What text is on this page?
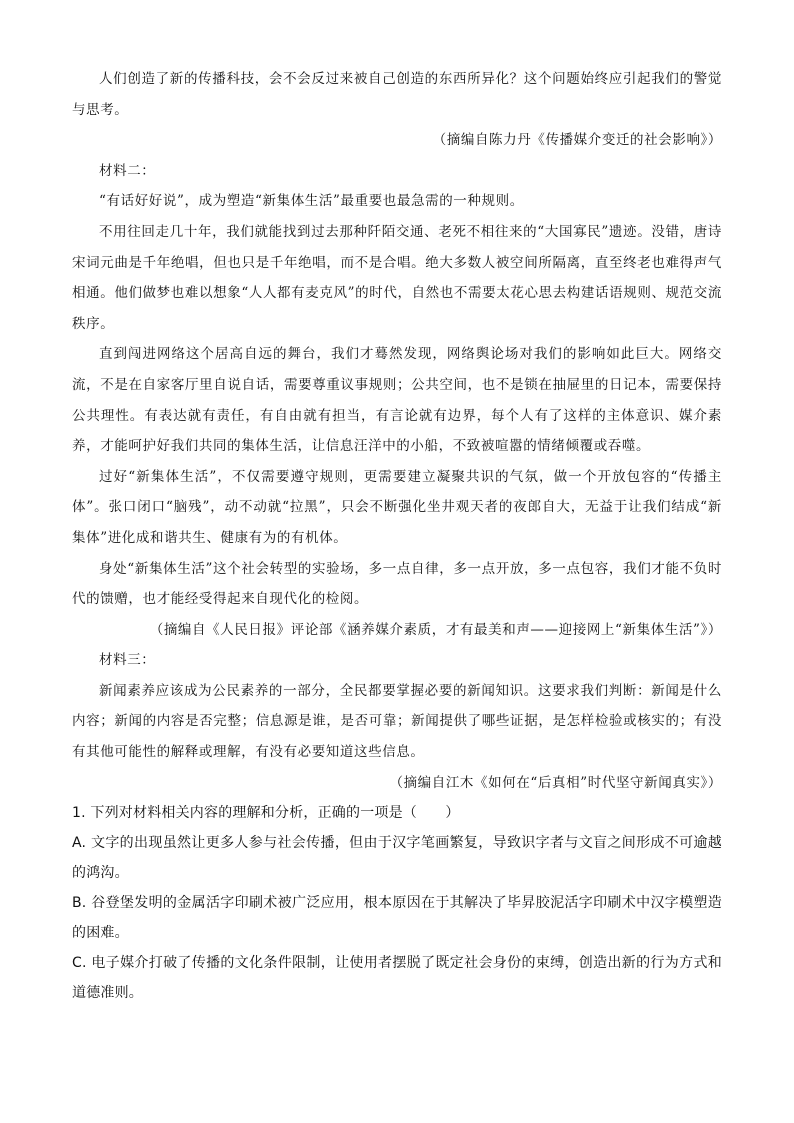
人们创造了新的传播科技，会不会反过来被自己创造的东西所异化？这个问题始终应引起我们的警觉与思考。

（摘编自陈力丹《传播媒介变迁的社会影响》）

材料二：

“有话好好说”，成为塑造“新集体生活”最重要也最急需的一种规则。

不用往回走几十年，我们就能找到过去那种阡陌交通、老死不相往来的“大国寡民”遗迹。没错，唐诗宋词元曲是千年绝唱，但也只是千年绝唱，而不是合唱。绝大多数人被空间所隔离，直至终老也难得声气相通。他们做梦也难以想象“人人都有麦克风”的时代，自然也不需要太花心思去构建话语规则、规范交流秩序。

直到闯进网络这个居高自远的舞台，我们才蓦然发现，网络舆论场对我们的影响如此巨大。网络交流，不是在自家客厅里自说自话，需要尊重议事规则；公共空间，也不是锁在抽屉里的日记本，需要保持公共理性。有表达就有责任，有自由就有担当，有言论就有边界，每个人有了这样的主体意识、媒介素养，才能呵护好我们共同的集体生活，让信息汪洋中的小船，不致被喧嚣的情绪倾覆或吞噬。

过好“新集体生活”，不仅需要遵守规则，更需要建立凝聚共识的气氛，做一个开放包容的“传播主体”。张口闭口“脑残”，动不动就“拉黑”，只会不断强化坐井观天者的夜郎自大，无益于让我们结成“新集体”进化成和谐共生、健康有为的有机体。

身处“新集体生活”这个社会转型的实验场，多一点自律，多一点开放，多一点包容，我们才能不负时代的馈赠，也才能经受得起来自现代化的检阅。

（摘编自《人民日报》评论部《涵养媒介素质，才有最美和声——迎接网上“新集体生活”》）

材料三：

新闻素养应该成为公民素养的一部分，全民都要掌握必要的新闻知识。这要求我们判断：新闻是什么内容；新闻的内容是否完整；信息源是谁，是否可靠；新闻提供了哪些证据，是怎样检验或核实的；有没有其他可能性的解释或理解，有没有必要知道这些信息。

（摘编自江木《如何在“后真相”时代坚守新闻真实》）

1. 下列对材料相关内容的理解和分析，正确的一项是（　　）

A. 文字的出现虽然让更多人参与社会传播，但由于汉字笔画繁复，导致识字者与文盲之间形成不可逾越的鸿沟。

B. 谷登堡发明的金属活字印刷术被广泛应用，根本原因在于其解决了毕昇胶泥活字印刷术中汉字模塑造的困难。

C. 电子媒介打破了传播的文化条件限制，让使用者摆脱了既定社会身份的束缚，创造出新的行为方式和道德准则。
